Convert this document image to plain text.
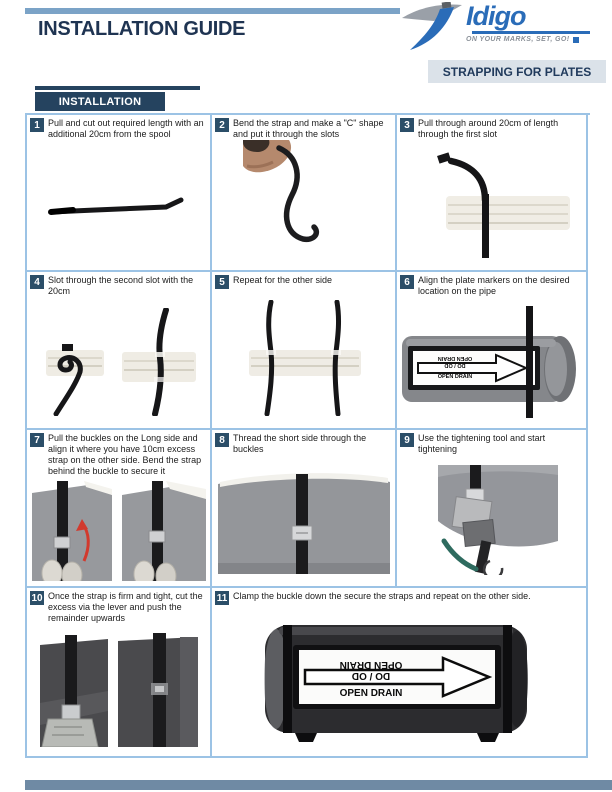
INSTALLATION GUIDE	Idigo
ON YOUR MARKS, SET, GO!
STRAPPING FOR PLATES
INSTALLATION
1 Pull and cut out required length with an additional 20cm from the spool
2 Bend the strap and make a "C" shape and put it through the slots
3 Pull through around 20cm of length through the first slot
4 Slot through the second slot with the 20cm
5 Repeat for the other side	6 Align the plate markers on the desired location on the pipe
OPEN DRAIN
DO / OD
OPEN DRAIN
7 Pull the buckles on the Long side and align it where you have 10cm excess strap on the other side. Bend the strap behind the buckle to secure it
8 Thread the short side through the buckles
9 Use the tightening tool and start tightening
10 Once the strap is firm and tight, cut the excess via the lever and push the remainder upwards
11 Clamp the buckle down the secure the straps and repeat on the other side.
OPEN DRAIN
DO / OD
OPEN DRAIN
